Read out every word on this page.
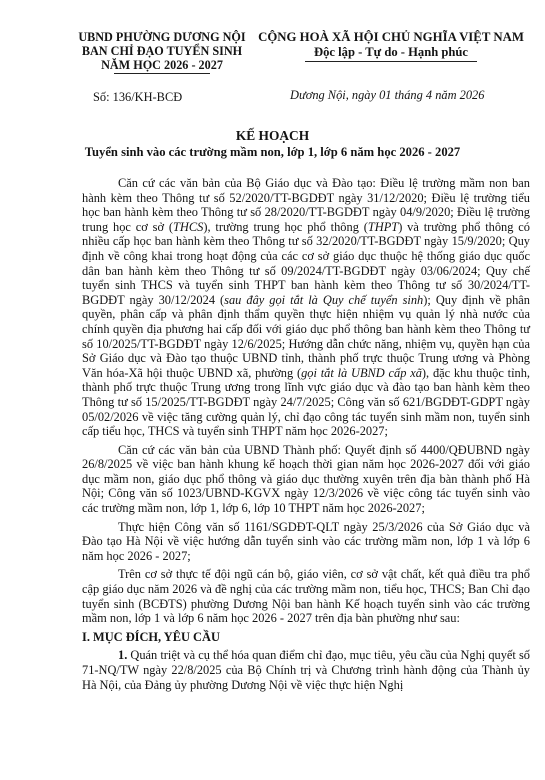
UBND PHƯỜNG DƯƠNG NỘI
BAN CHỈ ĐẠO TUYỂN SINH
NĂM HỌC 2026 - 2027
CỘNG HOÀ XÃ HỘI CHỦ NGHĨA VIỆT NAM
Độc lập - Tự do - Hạnh phúc
Số: 136/KH-BCĐ	Dương Nội, ngày 01 tháng 4 năm 2026
KẾ HOẠCH
Tuyển sinh vào các trường mầm non, lớp 1, lớp 6 năm học 2026 - 2027

Căn cứ các văn bản của Bộ Giáo dục và Đào tạo: Điều lệ trường mầm non ban hành kèm theo Thông tư số 52/2020/TT-BGDĐT ngày 31/12/2020; Điều lệ trường tiểu học ban hành kèm theo Thông tư số 28/2020/TT-BGDĐT ngày 04/9/2020; Điều lệ trường trung học cơ sở (THCS), trường trung học phổ thông (THPT) và trường phổ thông có nhiều cấp học ban hành kèm theo Thông tư số 32/2020/TT-BGDĐT ngày 15/9/2020; Quy định về công khai trong hoạt động của các cơ sở giáo dục thuộc hệ thống giáo dục quốc dân ban hành kèm theo Thông tư số 09/2024/TT-BGDĐT ngày 03/06/2024; Quy chế tuyển sinh THCS và tuyển sinh THPT ban hành kèm theo Thông tư số 30/2024/TT-BGDĐT ngày 30/12/2024 (sau đây gọi tắt là Quy chế tuyển sinh); Quy định về phân quyền, phân cấp và phân định thẩm quyền thực hiện nhiệm vụ quản lý nhà nước của chính quyền địa phương hai cấp đối với giáo dục phổ thông ban hành kèm theo Thông tư số 10/2025/TT-BGDĐT ngày 12/6/2025; Hướng dẫn chức năng, nhiệm vụ, quyền hạn của Sở Giáo dục và Đào tạo thuộc UBND tỉnh, thành phố trực thuộc Trung ương và Phòng Văn hóa-Xã hội thuộc UBND xã, phường (gọi tắt là UBND cấp xã), đặc khu thuộc tỉnh, thành phố trực thuộc Trung ương trong lĩnh vực giáo dục và đào tạo ban hành kèm theo Thông tư số 15/2025/TT-BGDĐT ngày 24/7/2025; Công văn số 621/BGDĐT-GDPT ngày 05/02/2026 về việc tăng cường quản lý, chỉ đạo công tác tuyển sinh mầm non, tuyển sinh cấp tiểu học, THCS và tuyển sinh THPT năm học 2026-2027;

Căn cứ các văn bản của UBND Thành phố: Quyết định số 4400/QĐUBND ngày 26/8/2025 về việc ban hành khung kế hoạch thời gian năm học 2026-2027 đối với giáo dục mầm non, giáo dục phổ thông và giáo dục thường xuyên trên địa bàn thành phố Hà Nội; Công văn số 1023/UBND-KGVX ngày 12/3/2026 về việc công tác tuyển sinh vào các trường mầm non, lớp 1, lớp 6, lớp 10 THPT năm học 2026-2027;

Thực hiện Công văn số 1161/SGDĐT-QLT ngày 25/3/2026 của Sở Giáo dục và Đào tạo Hà Nội về việc hướng dẫn tuyển sinh vào các trường mầm non, lớp 1 và lớp 6 năm học 2026 - 2027;

Trên cơ sở thực tế đội ngũ cán bộ, giáo viên, cơ sở vật chất, kết quả điều tra phổ cập giáo dục năm 2026 và đề nghị của các trường mầm non, tiểu học, THCS; Ban Chỉ đạo tuyển sinh (BCĐTS) phường Dương Nội ban hành Kế hoạch tuyển sinh vào các trường mầm non, lớp 1 và lớp 6 năm học 2026 - 2027 trên địa bàn phường như sau:

I. MỤC ĐÍCH, YÊU CẦU

1. Quán triệt và cụ thể hóa quan điểm chỉ đạo, mục tiêu, yêu cầu của Nghị quyết số 71-NQ/TW ngày 22/8/2025 của Bộ Chính trị và Chương trình hành động của Thành ủy Hà Nội, của Đảng ủy phường Dương Nội về việc thực hiện Nghị
